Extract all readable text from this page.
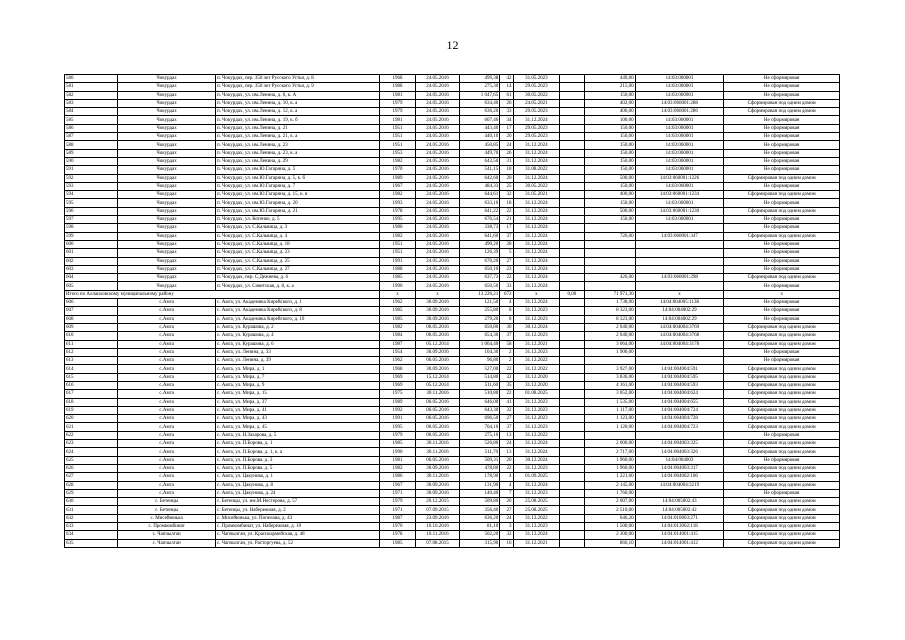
12
580	Чокурдах	п. Чокурдах, пер. 350 лет Русского Устья, д. 8	1968	24.05.2016	499,38	42	31.05.2023		449,00	14:03:060001	Не сформирован
581	Чокурдах	п. Чокурдах, пер. 350 лет Русского Устья, д. 9	1988	24.05.2016	275,30	14	29.05.2023		215,00	14:03:060001	Не сформирован
582	Чокурдах	п. Чокурдах, ул. им.Ленина, д. 6, к. А	1981	24.05.2016	1 047,65	61	30.05.2022		150,00	14:03:060001	Не сформирован
583	Чокурдах	п. Чокурдах, ул. им.Ленина, д. 10, к. а	1979	24.05.2016	634,40	26	24.05.2021		402,00	14:03:060001:288	Сформирован под одним домом
584	Чокурдах	п. Чокурдах, ул. им.Ленина, д. 12, к. а	1979	24.05.2016	636,20	33	29.05.2023		406,00	14:03:060001:286	Сформирован под одним домом
585	Чокурдах	п. Чокурдах, ул. им.Ленина, д. 19, к. б	1981	24.05.2016	607,46	34	31.12.2024		100,00	14:03:060001	Не сформирован
586	Чокурдах	п. Чокурдах, ул. им.Ленина, д. 21	1951	24.05.2016	443,40	17	29.05.2023		150,00	14:03:060001	Не сформирован
587	Чокурдах	п. Чокурдах, ул. им.Ленина, д. 21, к. а	1951	24.05.2016	440,10	20	29.05.2023		150,00	14:03:060001	Не сформирован
588	Чокурдах	п. Чокурдах, ул. им.Ленина, д. 23	1951	24.05.2016	450,85	24	31.12.2024		150,00	14:03:060001	Не сформирован
589	Чокурдах	п. Чокурдах, ул. им.Ленина, д. 23, к. а	1953	24.05.2016	449,70	26	31.12.2024		150,00	14:03:060001	Не сформирован
590	Чокурдах	п. Чокурдах, ул. им.Ленина, д. 29	1982	24.05.2016	643,50	31	31.12.2024		150,00	14:03:060001	Не сформирован
591	Чокурдах	п. Чокурдах, ул. им.Ю.Гагарина, д. 5	1970	24.05.2016	541,15	18	31.08.2022		150,00	14:03:060001	Не сформирован
592	Чокурдах	п. Чокурдах, ул. им.Ю.Гагарина, д. 5, к. б	1989	24.05.2016	642,60	20	31.12.2024		500,00	14:03:060001:1226	Сформирован под одним домом
593	Чокурдах	п. Чокурдах, ул. им.Ю.Гагарина, д. 7	1967	24.05.2016	484,33	25	30.05.2022		150,00	14:03:060001	Не сформирован
594	Чокурдах	п. Чокурдах, ул. им.Ю.Гагарина, д. 15, к. в	1982	24.05.2016	644,61	32	31.05.2021		400,00	14:03:060001:1234	Сформирован под одним домом
595	Чокурдах	п. Чокурдах, ул. им.Ю.Гагарина, д. 20	1993	24.05.2016	633,10	18	31.12.2024		150,00	14:03:060001	Не сформирован
596	Чокурдах	п. Чокурдах, ул. им.Ю.Гагарина, д. 21	1978	24.05.2016	641,22	22	31.12.2024		500,00	14:03:060001:1230	Сформирован под одним домом
597	Чокурдах	п. Чокурдах, ул. Котенко, д. 5	1995	24.05.2016	676,54	21	31.12.2024		150,00	14:03:060001	Не сформирован
598	Чокурдах	п. Чокурдах, ул. С.Кальвица, д. 3	1980	24.05.2016	338,73	17	31.12.2024				Не сформирован
599	Чокурдах	п. Чокурдах, ул. С.Кальвица, д. 4	1982	24.05.2016	641,60	37	31.12.2024		726,00	14:03:060001:347	Сформирован под одним домом
600	Чокурдах	п. Чокурдах, ул. С.Кальвица, д. 18	1951	24.05.2016	490,20	28	31.12.2024				Не сформирован
601	Чокурдах	п. Чокурдах, ул. С.Кальвица, д. 23	1951	24.05.2016	126,39	5	31.12.2024				Не сформирован
602	Чокурдах	п. Чокурдах, ул. С.Кальвица, д. 25	1991	24.05.2016	670,20	27	31.12.2024				Не сформирован
603	Чокурдах	п. Чокурдах, ул. С.Кальвица, д. 27	1988	24.05.2016	650,10	23	31.12.2024				Не сформирован
604	Чокурдах	п. Чокурдах, пер. С.Дежнева, д. 6	1985	24.05.2016	637,73	22	31.12.2024		426,00	14:03:060001:298	Сформирован под одним домом
605	Чокурдах	п. Чокурдах, ул. Советская, д. 8, к. а	1990	24.05.2016	650,50	33	31.12.2024				Не сформирован
Итого по Аллаиховскому муниципальному району			х	х	13 226,21	672	х	0,00	71 971,30	х	х
606	с.Амга	с. Амга, ул. Академика Кирейского, д. 1	1962	30.09.2016	121,50	4	31.12.2024		1 738,00	14:04:004005:1138	Не сформирован
607	с.Амга	с. Амга, ул. Академика Кирейского, д. 8	1985	30.09.2016	255,80	8	31.12.2023		8 323,00	14:04:004002:29	Не сформирован
608	с.Амга	с. Амга, ул. Академика Кирейского, д. 10	1985	30.09.2016	279,20	8	31.12.2023		8 323,00	14:04:004002:29	Не сформирован
609	с.Амга	с. Амга, ул. Курашова, д. 2	1982	06.05.2016	650,80	30	30.12.2024		2 640,00	14:04:004004:3769	Сформирован под одним домом
610	с.Амга	с. Амга, ул. Курашова, д. 4	1984	06.05.2016	654,30	37	31.12.2023		2 640,00	14:04:004004:3768	Сформирован под одним домом
611	с.Амга	с. Амга, ул. Курашова, д. 6	1987	05.12.2014	1 064,40	58	31.12.2021		3 064,00	14:04:004004:3178	Сформирован под одним домом
612	с.Амга	с. Амга, ул. Ленина, д. 33	1954	30.09.2016	104,30	2	31.12.2023		1 900,00		Не сформирован
613	с.Амга	с. Амга, ул. Ленина, д. 39	1962	06.05.2016	96,80	2	31.12.2022				Не сформирован
614	с.Амга	с. Амга, ул. Мира, д. 1	1968	30.09.2016	527,00	22	31.12.2022		3 927,00	14:04:004004:591	Сформирован под одним домом
615	с.Амга	с. Амга, ул. Мира, д. 7	1969	15.12.2014	514,80	32	31.12.2020		3 836,00	14:04:004004:595	Сформирован под одним домом
616	с.Амга	с. Амга, ул. Мира, д. 9	1969	05.12.2014	511,60	35	31.12.2020		4 161,00	14:04:004004:593	Сформирован под одним домом
617	с.Амга	с. Амга, ул. Мира, д. 15	1975	30.11.2016	510,80	22	01.08.2025		3 052,00	14:04:004004:624	Сформирован под одним домом
618	с.Амга	с. Амга, ул. Мира, д. 37	1989	06.05.2016	646,00	41	31.12.2023		1 535,00	14:04:004004:655	Сформирован под одним домом
619	с.Амга	с. Амга, ул. Мира, д. 41	1992	06.05.2016	643,30	32	31.12.2023		1 117,00	14:04:004004:724	Сформирован под одним домом
620	с.Амга	с. Амга, ул. Мира, д. 43	1991	06.05.2016	696,50	27	31.12.2023		1 123,00	14:04:004004:728	Сформирован под одним домом
621	с.Амга	с. Амга, ул. Мира, д. 45	1995	06.05.2016	704,10	37	31.12.2023		1 120,00	14:04:004004:723	Сформирован под одним домом
622	с.Амга	с. Амга, ул. Н.Захарова, д. 5	1979	06.05.2016	275,10	13	31.12.2022				Не сформирован
623	с.Амга	с. Амга, ул. П.Борова, д. 1	1985	30.11.2016	526,80	24	31.12.2024		2 000,00	14:04:004003:325	Сформирован под одним домом
624	с.Амга	с. Амга, ул. П.Борова, д. 1, к. а	1990	30.11.2016	511,70	13	31.12.2024		2 717,00	14:04:004003:326	Сформирован под одним домом
625	с.Амга	с. Амга, ул. П.Борова, д. 3	1981	06.05.2016	509,31	20	30.12.2024		1 960,00	14:04:004003	Не сформирован
626	с.Амга	с. Амга, ул. П.Борова, д. 5	1982	30.09.2016	478,80	22	31.12.2023		1 960,00	14:04:004003:317	Сформирован под одним домом
627	с.Амга	с. Амга, ул. Цакунова, д. 1	1986	30.11.2016	178,90	4	01.09.2025		1 221,00	14:04:004002:106	Сформирован под одним домом
628	с.Амга	с. Амга, ул. Цакунова, д. 8	1967	30.09.2016	131,90	4	31.12.2024		2 145,00	14:04:004004:3219	Сформирован под одним домом
629	с.Амга	с. Амга, ул. Цакунова, д. 24	1971	30.09.2016	140,40	7	31.12.2023		1 760,00		Не сформирован
630	с. Бетенцы	с. Бетенцы, ул. им.М.Нестерова, д. 57	1979	20.12.2015	509,80	26	25.08.2025		2 007,00	14:04:005002:43	Сформирован под одним домом
631	с. Бетенцы	с. Бетенцы, ул. Набережная, д. 2	1971	07.09.2015	356,40	27	25.08.2025		2 510,00	14:04:005002:42	Сформирован под одним домом
632	с. Мисейюнька	с. Мисейюнька, ул. Попелова, д. 43	1987	23.09.2016	636,20	24	31.12.2022		646,20	14:04:010003:271	Сформирован под одним домом
633	с. Промкомбинат	с. Промкомбинат, ул. Набережная, д. 10	1970	10.10.2016	81,10	3	31.12.2023		1 500,00	14:04:013002:118	Сформирован под одним домом
634	с. Чапчылган	с. Чапчылган, ул. Красноармейская, д. 48	1978	10.11.2016	502,20	32	31.12.2024		2 300,00	14:04:014001:415	Сформирован под одним домом
635	с. Чапчылган	с. Чапчылган, ул. Расторгуева, д. 52	1985	07.08.2015	315,90	16	31.12.2021		866,10	14:04:014001:412	Сформирован под одним домом
